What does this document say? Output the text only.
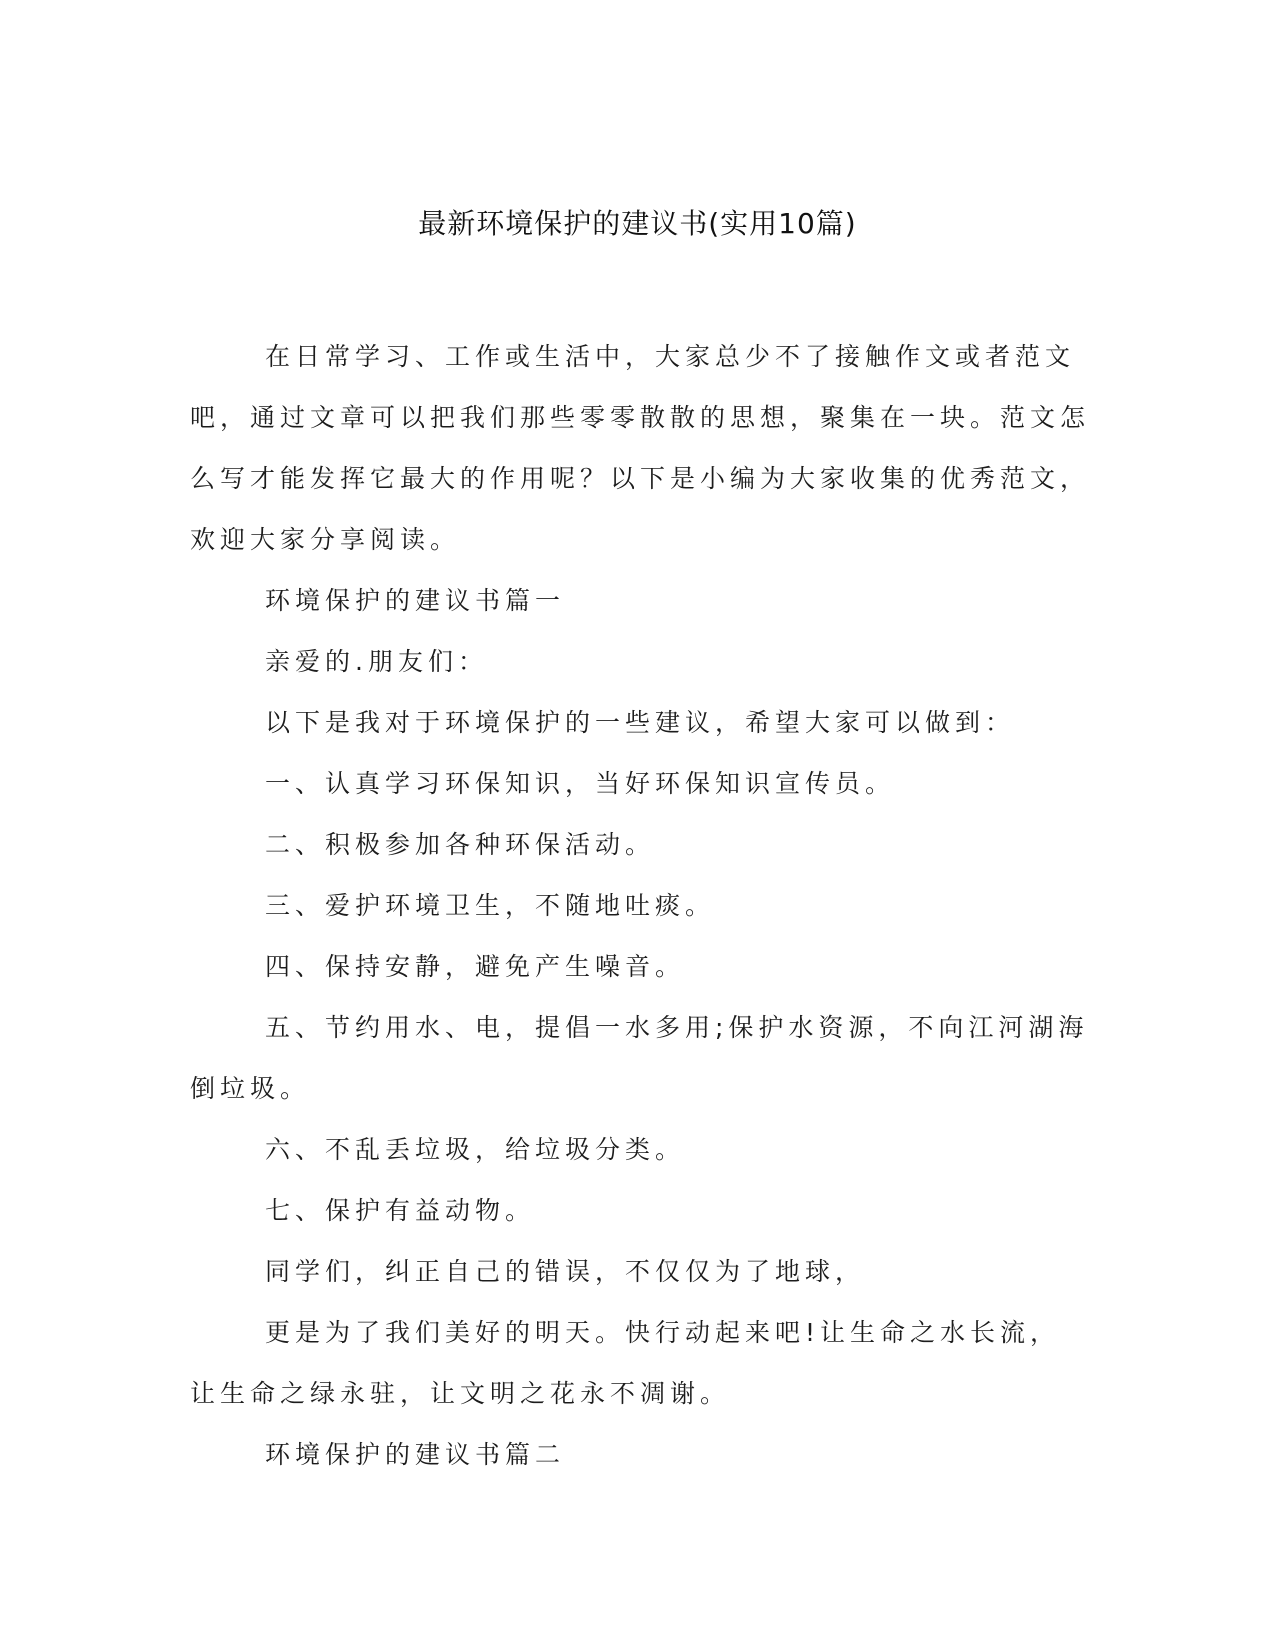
最新环境保护的建议书(实用10篇)

在日常学习、工作或生活中，大家总少不了接触作文或者范文吧，通过文章可以把我们那些零零散散的思想，聚集在一块。范文怎么写才能发挥它最大的作用呢？以下是小编为大家收集的优秀范文，欢迎大家分享阅读。

环境保护的建议书篇一

亲爱的.朋友们：

以下是我对于环境保护的一些建议，希望大家可以做到：

一、认真学习环保知识，当好环保知识宣传员。

二、积极参加各种环保活动。

三、爱护环境卫生，不随地吐痰。

四、保持安静，避免产生噪音。

五、节约用水、电，提倡一水多用;保护水资源，不向江河湖海倒垃圾。

六、不乱丢垃圾，给垃圾分类。

七、保护有益动物。

同学们，纠正自己的错误，不仅仅为了地球，

更是为了我们美好的明天。快行动起来吧!让生命之水长流，让生命之绿永驻，让文明之花永不凋谢。

环境保护的建议书篇二
